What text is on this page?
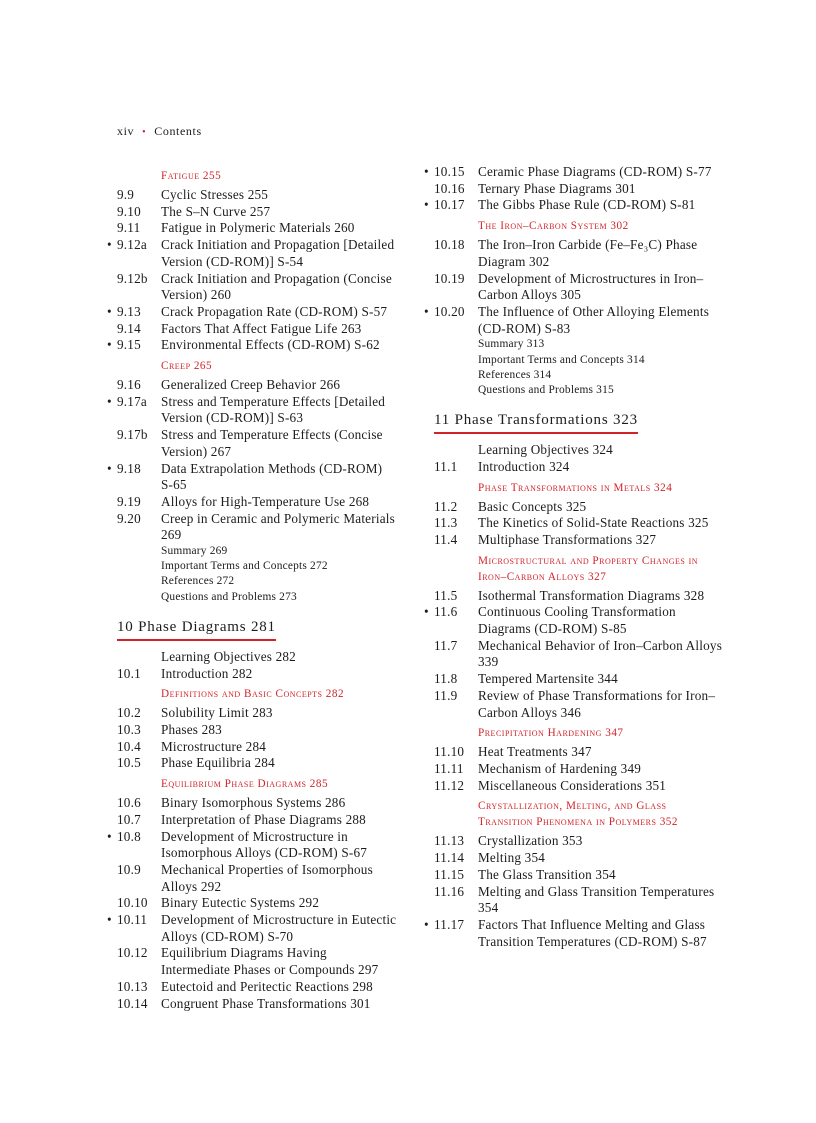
xiv • Contents
Fatigue 255
9.9	Cyclic Stresses 255
9.10	The S–N Curve 257
9.11	Fatigue in Polymeric Materials 260
• 9.12a	Crack Initiation and Propagation [Detailed Version (CD-ROM)] S-54
9.12b	Crack Initiation and Propagation (Concise Version) 260
• 9.13	Crack Propagation Rate (CD-ROM) S-57
9.14	Factors That Affect Fatigue Life 263
• 9.15	Environmental Effects (CD-ROM) S-62
Creep 265
9.16	Generalized Creep Behavior 266
• 9.17a	Stress and Temperature Effects [Detailed Version (CD-ROM)] S-63
9.17b	Stress and Temperature Effects (Concise Version) 267
• 9.18	Data Extrapolation Methods (CD-ROM) S-65
9.19	Alloys for High-Temperature Use 268
9.20	Creep in Ceramic and Polymeric Materials 269
Summary 269
Important Terms and Concepts 272
References 272
Questions and Problems 273
10 Phase Diagrams 281
Learning Objectives 282
10.1	Introduction 282
Definitions and Basic Concepts 282
10.2	Solubility Limit 283
10.3	Phases 283
10.4	Microstructure 284
10.5	Phase Equilibria 284
Equilibrium Phase Diagrams 285
10.6	Binary Isomorphous Systems 286
10.7	Interpretation of Phase Diagrams 288
• 10.8	Development of Microstructure in Isomorphous Alloys (CD-ROM) S-67
10.9	Mechanical Properties of Isomorphous Alloys 292
10.10	Binary Eutectic Systems 292
• 10.11	Development of Microstructure in Eutectic Alloys (CD-ROM) S-70
10.12	Equilibrium Diagrams Having Intermediate Phases or Compounds 297
10.13	Eutectoid and Peritectic Reactions 298
10.14	Congruent Phase Transformations 301
• 10.15	Ceramic Phase Diagrams (CD-ROM) S-77
10.16	Ternary Phase Diagrams 301
• 10.17	The Gibbs Phase Rule (CD-ROM) S-81
The Iron–Carbon System 302
10.18	The Iron–Iron Carbide (Fe–Fe₃C) Phase Diagram 302
10.19	Development of Microstructures in Iron–Carbon Alloys 305
• 10.20	The Influence of Other Alloying Elements (CD-ROM) S-83
Summary 313
Important Terms and Concepts 314
References 314
Questions and Problems 315
11 Phase Transformations 323
Learning Objectives 324
11.1	Introduction 324
Phase Transformations in Metals 324
11.2	Basic Concepts 325
11.3	The Kinetics of Solid-State Reactions 325
11.4	Multiphase Transformations 327
Microstructural and Property Changes in Iron–Carbon Alloys 327
11.5	Isothermal Transformation Diagrams 328
• 11.6	Continuous Cooling Transformation Diagrams (CD-ROM) S-85
11.7	Mechanical Behavior of Iron–Carbon Alloys 339
11.8	Tempered Martensite 344
11.9	Review of Phase Transformations for Iron–Carbon Alloys 346
Precipitation Hardening 347
11.10	Heat Treatments 347
11.11	Mechanism of Hardening 349
11.12	Miscellaneous Considerations 351
Crystallization, Melting, and Glass Transition Phenomena in Polymers 352
11.13	Crystallization 353
11.14	Melting 354
11.15	The Glass Transition 354
11.16	Melting and Glass Transition Temperatures 354
• 11.17	Factors That Influence Melting and Glass Transition Temperatures (CD-ROM) S-87
